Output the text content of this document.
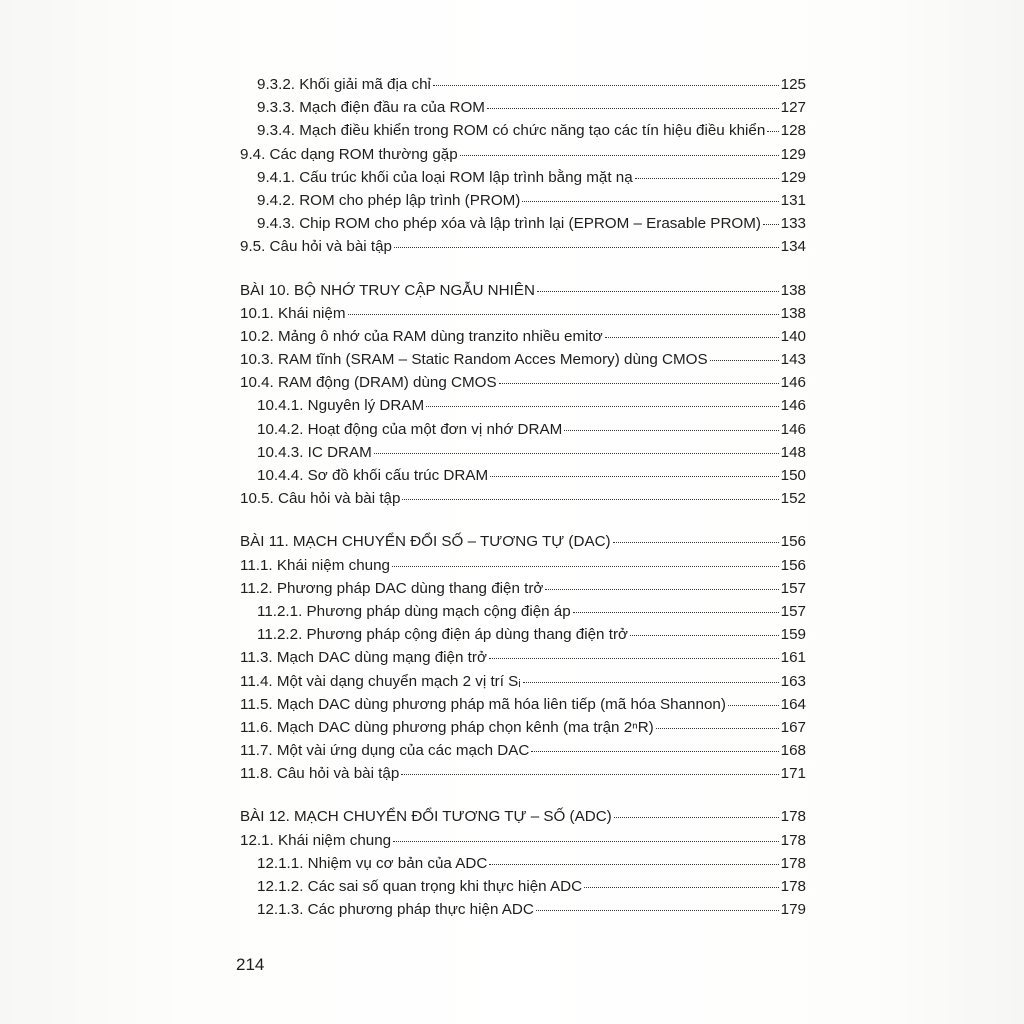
9.3.2. Khối giải mã địa chỉ	125
9.3.3. Mạch điện đầu ra của ROM	127
9.3.4. Mạch điều khiển trong ROM có chức năng tạo các tín hiệu điều khiển 128
9.4. Các dạng ROM thường gặp	129
9.4.1. Cấu trúc khối của loại ROM lập trình bằng mặt nạ	129
9.4.2. ROM cho phép lập trình (PROM)	131
9.4.3. Chip ROM cho phép xóa và lập trình lại (EPROM – Erasable PROM) 133
9.5. Câu hỏi và bài tập	134
BÀI 10. BỘ NHỚ TRUY CẬP NGẪU NHIÊN	138
10.1. Khái niệm	138
10.2. Mảng ô nhớ của RAM dùng tranzito nhiều emitơ	140
10.3. RAM tĩnh (SRAM – Static Random Acces Memory) dùng CMOS	143
10.4. RAM động (DRAM) dùng CMOS	146
10.4.1. Nguyên lý DRAM	146
10.4.2. Hoạt động của một đơn vị nhớ DRAM	146
10.4.3. IC DRAM	148
10.4.4. Sơ đồ khối cấu trúc DRAM	150
10.5. Câu hỏi và bài tập	152
BÀI 11. MẠCH CHUYỂN ĐỔI SỐ – TƯƠNG TỰ (DAC)	156
11.1. Khái niệm chung	156
11.2. Phương pháp DAC dùng thang điện trở	157
11.2.1. Phương pháp dùng mạch cộng điện áp	157
11.2.2. Phương pháp cộng điện áp dùng thang điện trở	159
11.3. Mạch DAC dùng mạng điện trở	161
11.4. Một vài dạng chuyển mạch 2 vị trí Sᵢ	163
11.5. Mạch DAC dùng phương pháp mã hóa liên tiếp (mã hóa Shannon)	164
11.6. Mạch DAC dùng phương pháp chọn kênh (ma trận 2ⁿR)	167
11.7. Một vài ứng dụng của các mạch DAC	168
11.8. Câu hỏi và bài tập	171
BÀI 12. MẠCH CHUYỂN ĐỔI TƯƠNG TỰ – SỐ (ADC)	178
12.1. Khái niệm chung	178
12.1.1. Nhiệm vụ cơ bản của ADC	178
12.1.2. Các sai số quan trọng khi thực hiện ADC	178
12.1.3. Các phương pháp thực hiện ADC	179
214
